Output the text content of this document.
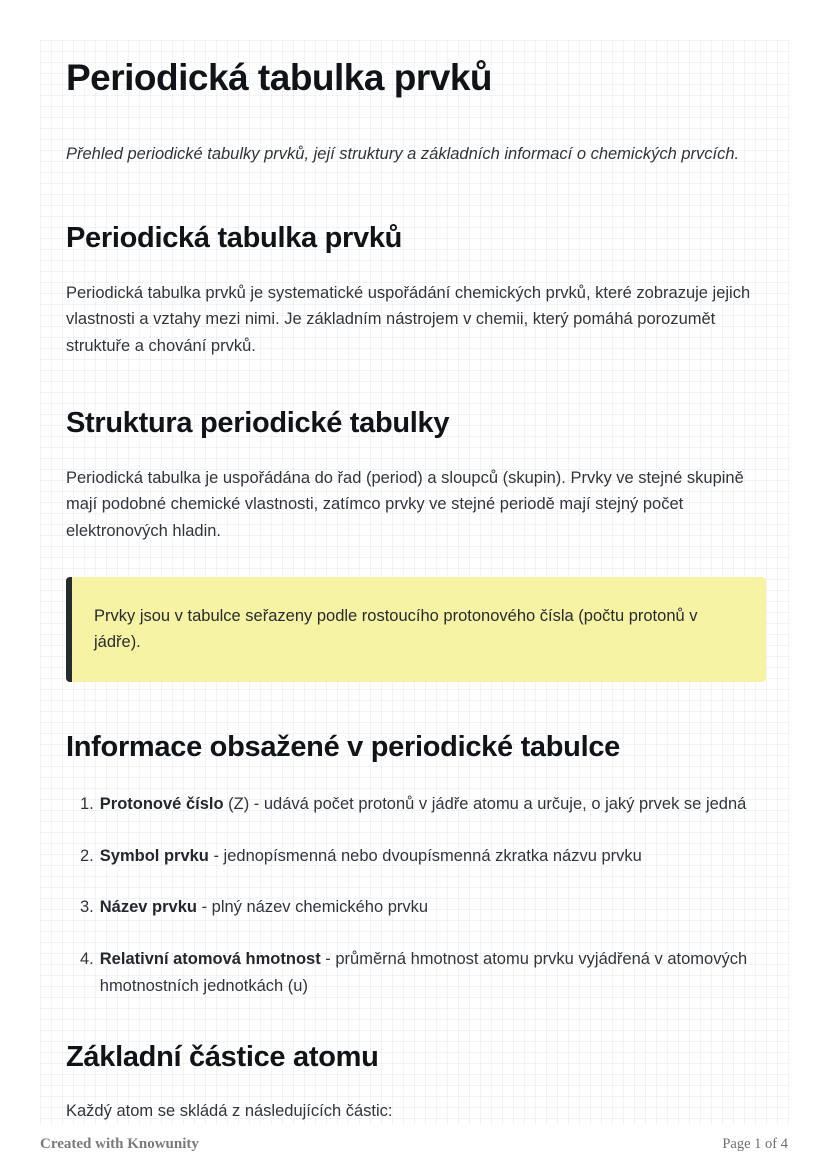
Periodická tabulka prvků
Přehled periodické tabulky prvků, její struktury a základních informací o chemických prvcích.
Periodická tabulka prvků

Periodická tabulka prvků je systematické uspořádání chemických prvků, které zobrazuje jejich vlastnosti a vztahy mezi nimi. Je základním nástrojem v chemii, který pomáhá porozumět struktuře a chování prvků.

Struktura periodické tabulky

Periodická tabulka je uspořádána do řad (period) a sloupců (skupin). Prvky ve stejné skupině mají podobné chemické vlastnosti, zatímco prvky ve stejné periodě mají stejný počet elektronových hladin.

Prvky jsou v tabulce seřazeny podle rostoucího protonového čísla (počtu protonů v jádře).
Informace obsažené v periodické tabulce
1. Protonové číslo (Z) - udává počet protonů v jádře atomu a určuje, o jaký prvek se jedná
2. Symbol prvku - jednopísmenná nebo dvoupísmenná zkratka názvu prvku
3. Název prvku - plný název chemického prvku
4. Relativní atomová hmotnost - průměrná hmotnost atomu prvku vyjádřená v atomových hmotnostních jednotkách (u)
Základní částice atomu

Každý atom se skládá z následujících částic:

Created with Knowunity	Page 1 of 4
